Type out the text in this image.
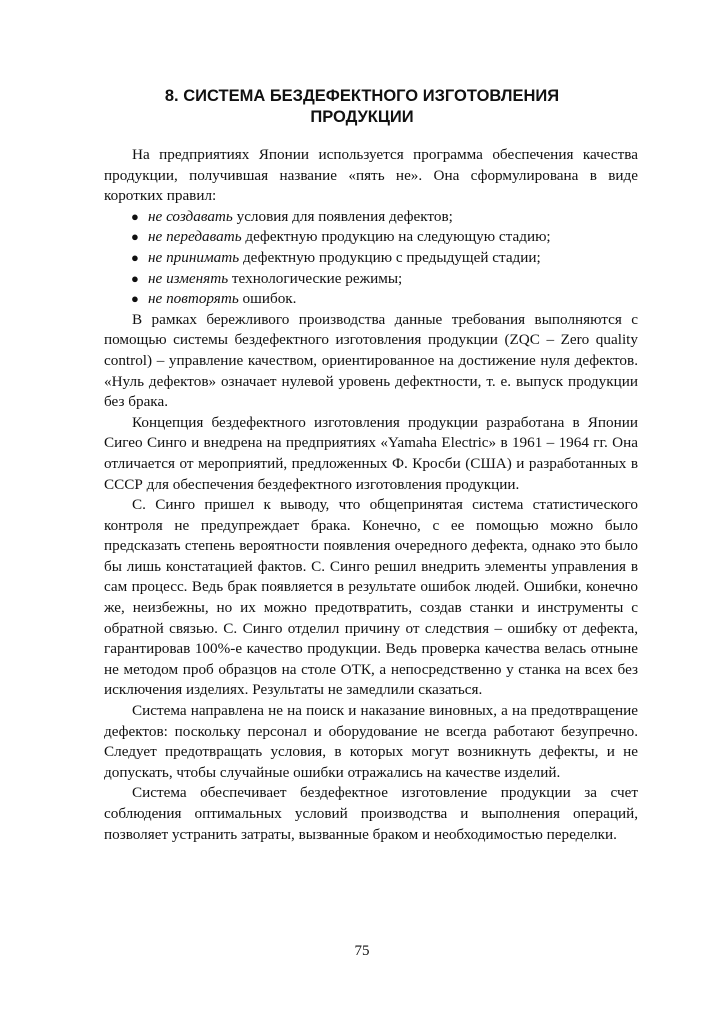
8. СИСТЕМА БЕЗДЕФЕКТНОГО ИЗГОТОВЛЕНИЯ
ПРОДУКЦИИ

На предприятиях Японии используется программа обеспечения качества продукции, получившая название «пять не». Она сформулирована в виде коротких правил:

● не создавать условия для появления дефектов;
● не передавать дефектную продукцию на следующую стадию;
● не принимать дефектную продукцию с предыдущей стадии;
● не изменять технологические режимы;
● не повторять ошибок.

В рамках бережливого производства данные требования выполняются с помощью системы бездефектного изготовления продукции (ZQC – Zero quality control) – управление качеством, ориентированное на достижение нуля дефектов. «Нуль дефектов» означает нулевой уровень дефектности, т. е. выпуск продукции без брака.

Концепция бездефектного изготовления продукции разработана в Японии Сигео Синго и внедрена на предприятиях «Yamaha Electric» в 1961 – 1964 гг. Она отличается от мероприятий, предложенных Ф. Кросби (США) и разработанных в СССР для обеспечения бездефектного изготовления продукции.

С. Синго пришел к выводу, что общепринятая система статистического контроля не предупреждает брака. Конечно, с ее помощью можно было предсказать степень вероятности появления очередного дефекта, однако это было бы лишь констатацией фактов. С. Синго решил внедрить элементы управления в сам процесс. Ведь брак появляется в результате ошибок людей. Ошибки, конечно же, неизбежны, но их можно предотвратить, создав станки и инструменты с обратной связью. С. Синго отделил причину от следствия – ошибку от дефекта, гарантировав 100%-е качество продукции. Ведь проверка качества велась отныне не методом проб образцов на столе ОТК, а непосредственно у станка на всех без исключения изделиях. Результаты не замедлили сказаться.

Система направлена не на поиск и наказание виновных, а на предотвращение дефектов: поскольку персонал и оборудование не всегда работают безупречно. Следует предотвращать условия, в которых могут возникнуть дефекты, и не допускать, чтобы случайные ошибки отражались на качестве изделий.

Система обеспечивает бездефектное изготовление продукции за счет соблюдения оптимальных условий производства и выполнения операций, позволяет устранить затраты, вызванные браком и необходимостью переделки.

75
